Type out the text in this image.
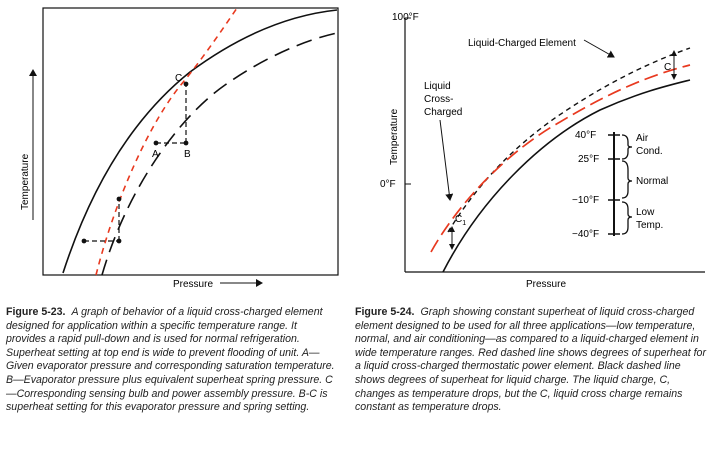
Temperature
Pressure
A	B
C
100°F
0°F
Temperature
Pressure
Liquid-Charged Element
Liquid
Cross-
Charged
$C_1$
C
40°F
25°F
−10°F
−40°F
Air
Cond.
Normal
Low
Temp.
Figure 5-23. A graph of behavior of a liquid cross-charged element designed for application within a specific temperature range. It provides a rapid pull-down and is used for normal refrigeration. Superheat setting at top end is wide to prevent flooding of unit. A—Given evaporator pressure and corresponding saturation temperature. B—Evaporator pressure plus equivalent superheat spring pressure. C—Corresponding sensing bulb and power assembly pressure. B-C is superheat setting for this evaporator pressure and spring setting.
Figure 5-24. Graph showing constant superheat of liquid cross-charged element designed to be used for all three applications—low temperature, normal, and air conditioning—as compared to a liquid-charged element in wide temperature ranges. Red dashed line shows degrees of superheat for a liquid cross-charged thermostatic power element. Black dashed line shows degrees of superheat for liquid charge. The liquid charge, C, changes as temperature drops, but the C, liquid cross charge remains constant as temperature drops.
